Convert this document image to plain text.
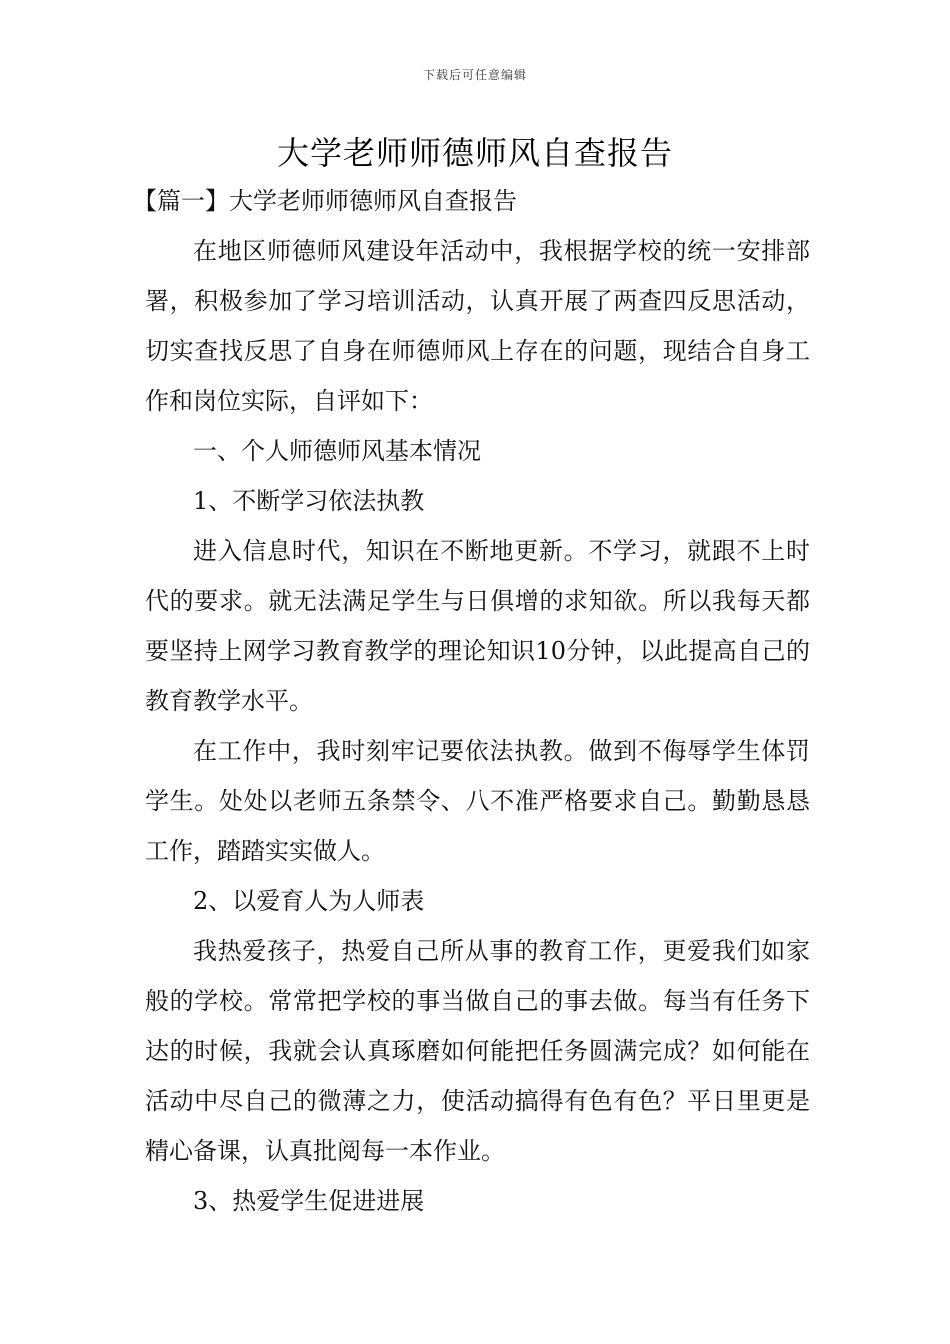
下载后可任意编辑
大学老师师德师风自查报告

【篇一】大学老师师德师风自查报告

在地区师德师风建设年活动中，我根据学校的统一安排部署，积极参加了学习培训活动，认真开展了两查四反思活动，切实查找反思了自身在师德师风上存在的问题，现结合自身工作和岗位实际，自评如下：

一、个人师德师风基本情况

1、不断学习依法执教

进入信息时代，知识在不断地更新。不学习，就跟不上时代的要求。就无法满足学生与日俱增的求知欲。所以我每天都要坚持上网学习教育教学的理论知识10分钟，以此提高自己的教育教学水平。

在工作中，我时刻牢记要依法执教。做到不侮辱学生体罚学生。处处以老师五条禁令、八不准严格要求自己。勤勤恳恳工作，踏踏实实做人。

2、以爱育人为人师表

我热爱孩子，热爱自己所从事的教育工作，更爱我们如家般的学校。常常把学校的事当做自己的事去做。每当有任务下达的时候，我就会认真琢磨如何能把任务圆满完成？如何能在活动中尽自己的微薄之力，使活动搞得有色有色？平日里更是精心备课，认真批阅每一本作业。

3、热爱学生促进进展
